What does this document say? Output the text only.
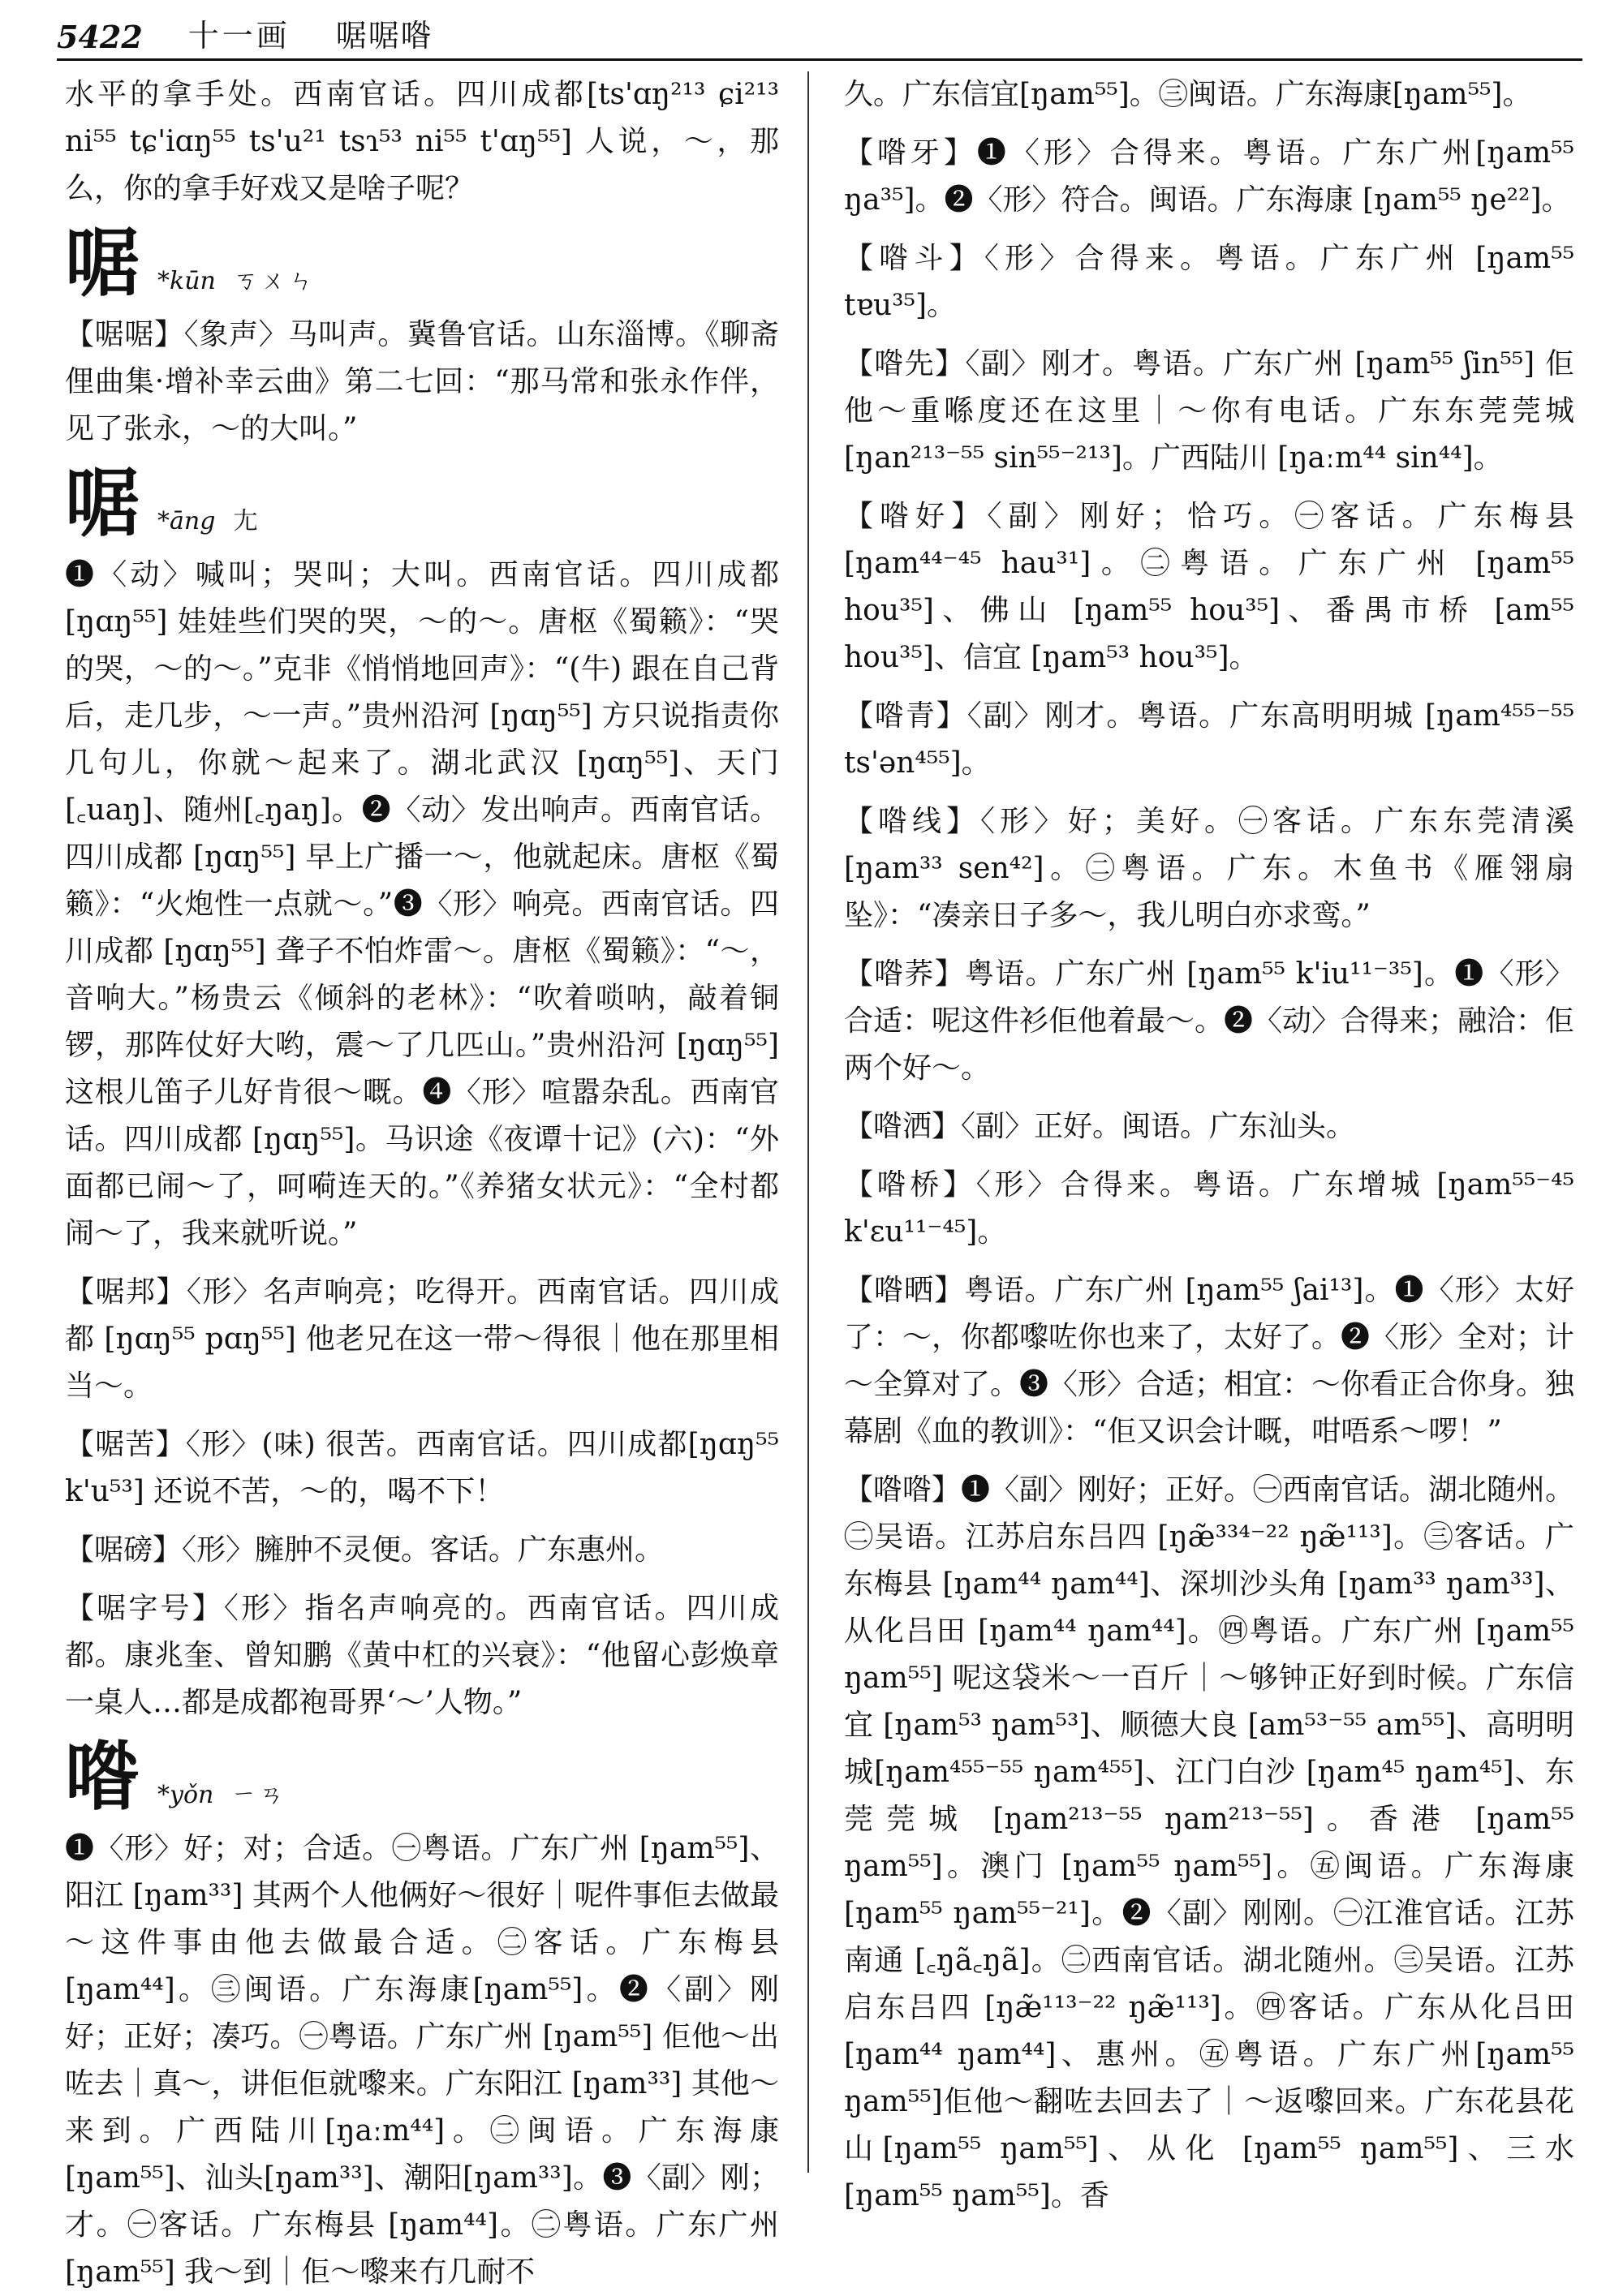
5422 十一画 啹啹喒

水平的拿手处。西南官话。四川成都[ts'ɑŋ²¹³ ɕi²¹³ ni⁵⁵ tɕ'iɑŋ⁵⁵ ts'u²¹ tsɿ⁵³ ni⁵⁵ t'ɑŋ⁵⁵] 人说，～，那么，你的拿手好戏又是啥子呢？

啹 *kūn ㄎㄨㄣ

【啹啹】〈象声〉马叫声。冀鲁官话。山东淄博。《聊斋俚曲集·增补幸云曲》第二七回：“那马常和张永作伴，见了张永，～的大叫。”

啹 *āng 尢

❶〈动〉喊叫；哭叫；大叫。西南官话。四川成都 [ŋɑŋ⁵⁵] 娃娃些们哭的哭，～的～。唐枢《蜀籁》：“哭的哭，～的～。”克非《悄悄地回声》：“(牛) 跟在自己背后，走几步，～一声。”贵州沿河 [ŋɑŋ⁵⁵] 方只说指责你几句儿，你就～起来了。湖北武汉 [ŋɑŋ⁵⁵]、天门 [꜀uaŋ]、随州[꜀ŋaŋ]。❷〈动〉发出响声。西南官话。四川成都 [ŋɑŋ⁵⁵] 早上广播一～，他就起床。唐枢《蜀籁》：“火炮性一点就～。”❸〈形〉响亮。西南官话。四川成都 [ŋɑŋ⁵⁵] 聋子不怕炸雷～。唐枢《蜀籁》：“～，音响大。”杨贵云《倾斜的老林》：“吹着唢呐，敲着铜锣，那阵仗好大哟，震～了几匹山。”贵州沿河 [ŋɑŋ⁵⁵] 这根儿笛子儿好肯很～嘅。❹〈形〉喧嚣杂乱。西南官话。四川成都 [ŋɑŋ⁵⁵]。马识途《夜谭十记》(六)：“外面都已闹～了，呵嗬连天的。”《养猪女状元》：“全村都闹～了，我来就听说。”

【啹邦】〈形〉名声响亮；吃得开。西南官话。四川成都 [ŋɑŋ⁵⁵ pɑŋ⁵⁵] 他老兄在这一带～得很｜他在那里相当～。

【啹苦】〈形〉(味) 很苦。西南官话。四川成都[ŋɑŋ⁵⁵ k'u⁵³] 还说不苦，～的，喝不下！

【啹磅】〈形〉臃肿不灵便。客话。广东惠州。

【啹字号】〈形〉指名声响亮的。西南官话。四川成都。康兆奎、曾知鹏《黄中杠的兴衰》：“他留心彭焕章一桌人…都是成都袍哥界‘～’人物。”

喒 *yǒn ㄧㄢ

❶〈形〉好；对；合适。㊀粤语。广东广州 [ŋam⁵⁵]、阳江 [ŋam³³] 其两个人他俩好～很好｜呢件事佢去做最～这件事由他去做最合适。㊁客话。广东梅县[ŋam⁴⁴]。㊂闽语。广东海康[ŋam⁵⁵]。❷〈副〉刚好；正好；凑巧。㊀粤语。广东广州 [ŋam⁵⁵] 佢他～出咗去｜真～，讲佢佢就嚟来。广东阳江 [ŋam³³] 其他～来到。广西陆川[ŋaːm⁴⁴]。㊁闽语。广东海康 [ŋam⁵⁵]、汕头[ŋam³³]、潮阳[ŋam³³]。❸〈副〉刚；才。㊀客话。广东梅县 [ŋam⁴⁴]。㊁粤语。广东广州 [ŋam⁵⁵] 我～到｜佢～嚟来冇几耐不

久。广东信宜[ŋam⁵⁵]。㊂闽语。广东海康[ŋam⁵⁵]。

【喒牙】❶〈形〉合得来。粤语。广东广州[ŋam⁵⁵ ŋa³⁵]。❷〈形〉符合。闽语。广东海康 [ŋam⁵⁵ ŋe²²]。

【喒斗】〈形〉合得来。粤语。广东广州 [ŋam⁵⁵ tɐu³⁵]。

【喒先】〈副〉刚才。粤语。广东广州 [ŋam⁵⁵ ʃin⁵⁵] 佢他～重喺度还在这里｜～你有电话。广东东莞莞城 [ŋan²¹³⁻⁵⁵ sin⁵⁵⁻²¹³]。广西陆川 [ŋaːm⁴⁴ sin⁴⁴]。

【喒好】〈副〉刚好；恰巧。㊀客话。广东梅县[ŋam⁴⁴⁻⁴⁵ hau³¹]。㊁粤语。广东广州 [ŋam⁵⁵ hou³⁵]、佛山 [ŋam⁵⁵ hou³⁵]、番禺市桥 [am⁵⁵ hou³⁵]、信宜 [ŋam⁵³ hou³⁵]。

【喒青】〈副〉刚才。粤语。广东高明明城 [ŋam⁴⁵⁵⁻⁵⁵ ts'ən⁴⁵⁵]。

【喒线】〈形〉好；美好。㊀客话。广东东莞清溪 [ŋam³³ sen⁴²]。㊁粤语。广东。木鱼书《雁翎扇坠》：“凑亲日子多～，我儿明白亦求鸾。”

【喒荞】粤语。广东广州 [ŋam⁵⁵ k'iu¹¹⁻³⁵]。❶〈形〉合适：呢这件衫佢他着最～。❷〈动〉合得来；融洽：佢两个好～。

【喒洒】〈副〉正好。闽语。广东汕头。

【喒桥】〈形〉合得来。粤语。广东增城 [ŋam⁵⁵⁻⁴⁵ k'ɛu¹¹⁻⁴⁵]。

【喒晒】粤语。广东广州 [ŋam⁵⁵ ʃai¹³]。❶〈形〉太好了：～，你都嚟咗你也来了，太好了。❷〈形〉全对；计～全算对了。❸〈形〉合适；相宜：～你看正合你身。独幕剧《血的教训》：“佢又识会计嘅，咁唔系～啰！”

【喒喒】❶〈副〉刚好；正好。㊀西南官话。湖北随州。㊁吴语。江苏启东吕四 [ŋæ̃³³⁴⁻²² ŋæ̃¹¹³]。㊂客话。广东梅县 [ŋam⁴⁴ ŋam⁴⁴]、深圳沙头角 [ŋam³³ ŋam³³]、从化吕田 [ŋam⁴⁴ ŋam⁴⁴]。㊃粤语。广东广州 [ŋam⁵⁵ ŋam⁵⁵] 呢这袋米～一百斤｜～够钟正好到时候。广东信宜 [ŋam⁵³ ŋam⁵³]、顺德大良 [am⁵³⁻⁵⁵ am⁵⁵]、高明明城[ŋam⁴⁵⁵⁻⁵⁵ ŋam⁴⁵⁵]、江门白沙 [ŋam⁴⁵ ŋam⁴⁵]、东莞莞城 [ŋam²¹³⁻⁵⁵ ŋam²¹³⁻⁵⁵]。香港 [ŋam⁵⁵ ŋam⁵⁵]。澳门 [ŋam⁵⁵ ŋam⁵⁵]。㊄闽语。广东海康[ŋam⁵⁵ ŋam⁵⁵⁻²¹]。❷〈副〉刚刚。㊀江淮官话。江苏南通 [꜀ŋã꜀ŋã]。㊁西南官话。湖北随州。㊂吴语。江苏启东吕四 [ŋæ̃¹¹³⁻²² ŋæ̃¹¹³]。㊃客话。广东从化吕田 [ŋam⁴⁴ ŋam⁴⁴]、惠州。㊄粤语。广东广州[ŋam⁵⁵ ŋam⁵⁵]佢他～翻咗去回去了｜～返嚟回来。广东花县花山[ŋam⁵⁵ ŋam⁵⁵]、从化 [ŋam⁵⁵ ŋam⁵⁵]、三水 [ŋam⁵⁵ ŋam⁵⁵]。香
